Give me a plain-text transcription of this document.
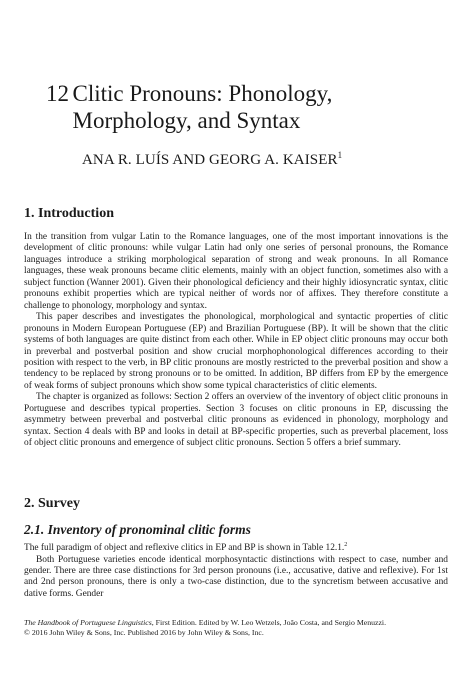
12 Clitic Pronouns: Phonology, Morphology, and Syntax
ANA R. LUÍS AND GEORG A. KAISER$^1$
1. Introduction

In the transition from vulgar Latin to the Romance languages, one of the most important innovations is the development of clitic pronouns: while vulgar Latin had only one series of personal pronouns, the Romance languages introduce a striking morphological separation of strong and weak pronouns. In all Romance languages, these weak pronouns became clitic elements, mainly with an object function, sometimes also with a subject function (Wanner 2001). Given their phonological deficiency and their highly idiosyncratic syntax, clitic pronouns exhibit properties which are typical neither of words nor of affixes. They therefore constitute a challenge to phonology, morphology and syntax.

This paper describes and investigates the phonological, morphological and syntactic properties of clitic pronouns in Modern European Portuguese (EP) and Brazilian Portuguese (BP). It will be shown that the clitic systems of both languages are quite distinct from each other. While in EP object clitic pronouns may occur both in preverbal and postverbal position and show crucial morphophonological differences according to their position with respect to the verb, in BP clitic pronouns are mostly restricted to the preverbal position and show a tendency to be replaced by strong pronouns or to be omitted. In addition, BP differs from EP by the emergence of weak forms of subject pronouns which show some typical characteristics of clitic elements.

The chapter is organized as follows: Section 2 offers an overview of the inventory of object clitic pronouns in Portuguese and describes typical properties. Section 3 focuses on clitic pronouns in EP, discussing the asymmetry between preverbal and postverbal clitic pronouns as evidenced in phonology, morphology and syntax. Section 4 deals with BP and looks in detail at BP-specific properties, such as preverbal placement, loss of object clitic pronouns and emergence of subject clitic pronouns. Section 5 offers a brief summary.

2. Survey
2.1. Inventory of pronominal clitic forms

The full paradigm of object and reflexive clitics in EP and BP is shown in Table 12.1.$^2$

Both Portuguese varieties encode identical morphosyntactic distinctions with respect to case, number and gender. There are three case distinctions for 3rd person pronouns (i.e., accusative, dative and reflexive). For 1st and 2nd person pronouns, there is only a two-case distinction, due to the syncretism between accusative and dative forms. Gender

The Handbook of Portuguese Linguistics, First Edition. Edited by W. Leo Wetzels, João Costa, and Sergio Menuzzi.
© 2016 John Wiley & Sons, Inc. Published 2016 by John Wiley & Sons, Inc.
